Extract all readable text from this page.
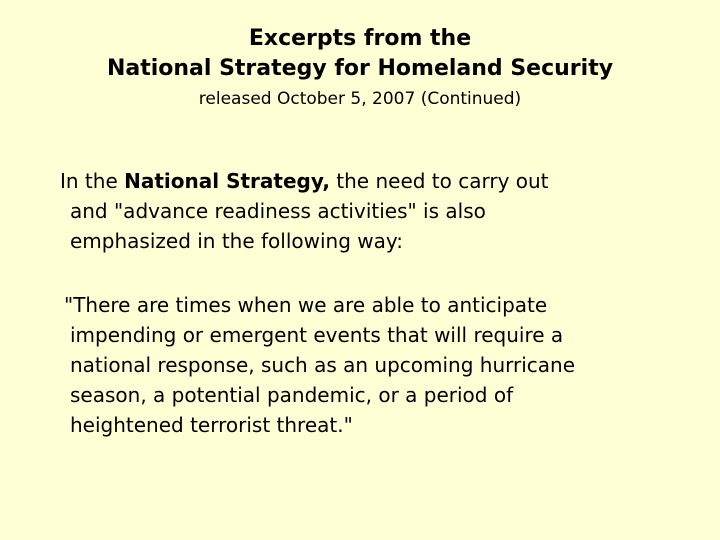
Excerpts from the
National Strategy for Homeland Security
released October 5, 2007 (Continued)
In the National Strategy, the need to carry out
and "advance readiness activities" is also
emphasized in the following way:
"There are times when we are able to anticipate
impending or emergent events that will require a
national response, such as an upcoming hurricane
season, a potential pandemic, or a period of
heightened terrorist threat."
